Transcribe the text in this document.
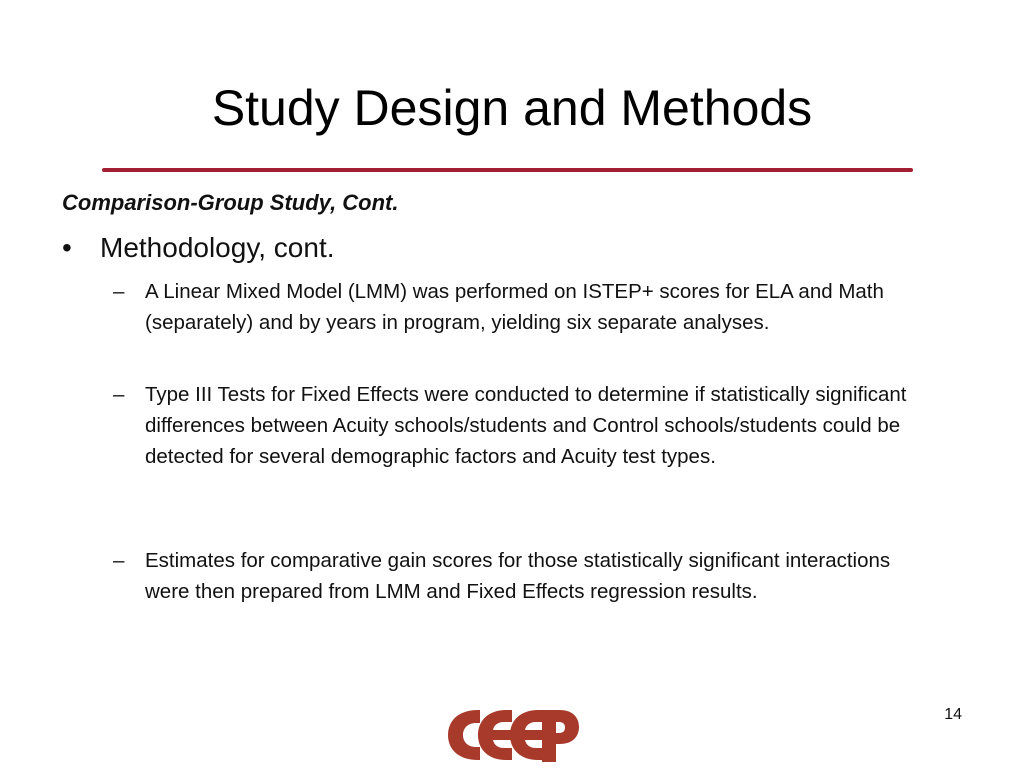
Study Design and Methods
Comparison-Group Study, Cont.
• Methodology, cont.
– A Linear Mixed Model (LMM) was performed on ISTEP+ scores for ELA and Math (separately) and by years in program, yielding six separate analyses.
– Type III Tests for Fixed Effects were conducted to determine if statistically significant differences between Acuity schools/students and Control schools/students could be detected for several demographic factors and Acuity test types.
– Estimates for comparative gain scores for those statistically significant interactions were then prepared from LMM and Fixed Effects regression results.
14
